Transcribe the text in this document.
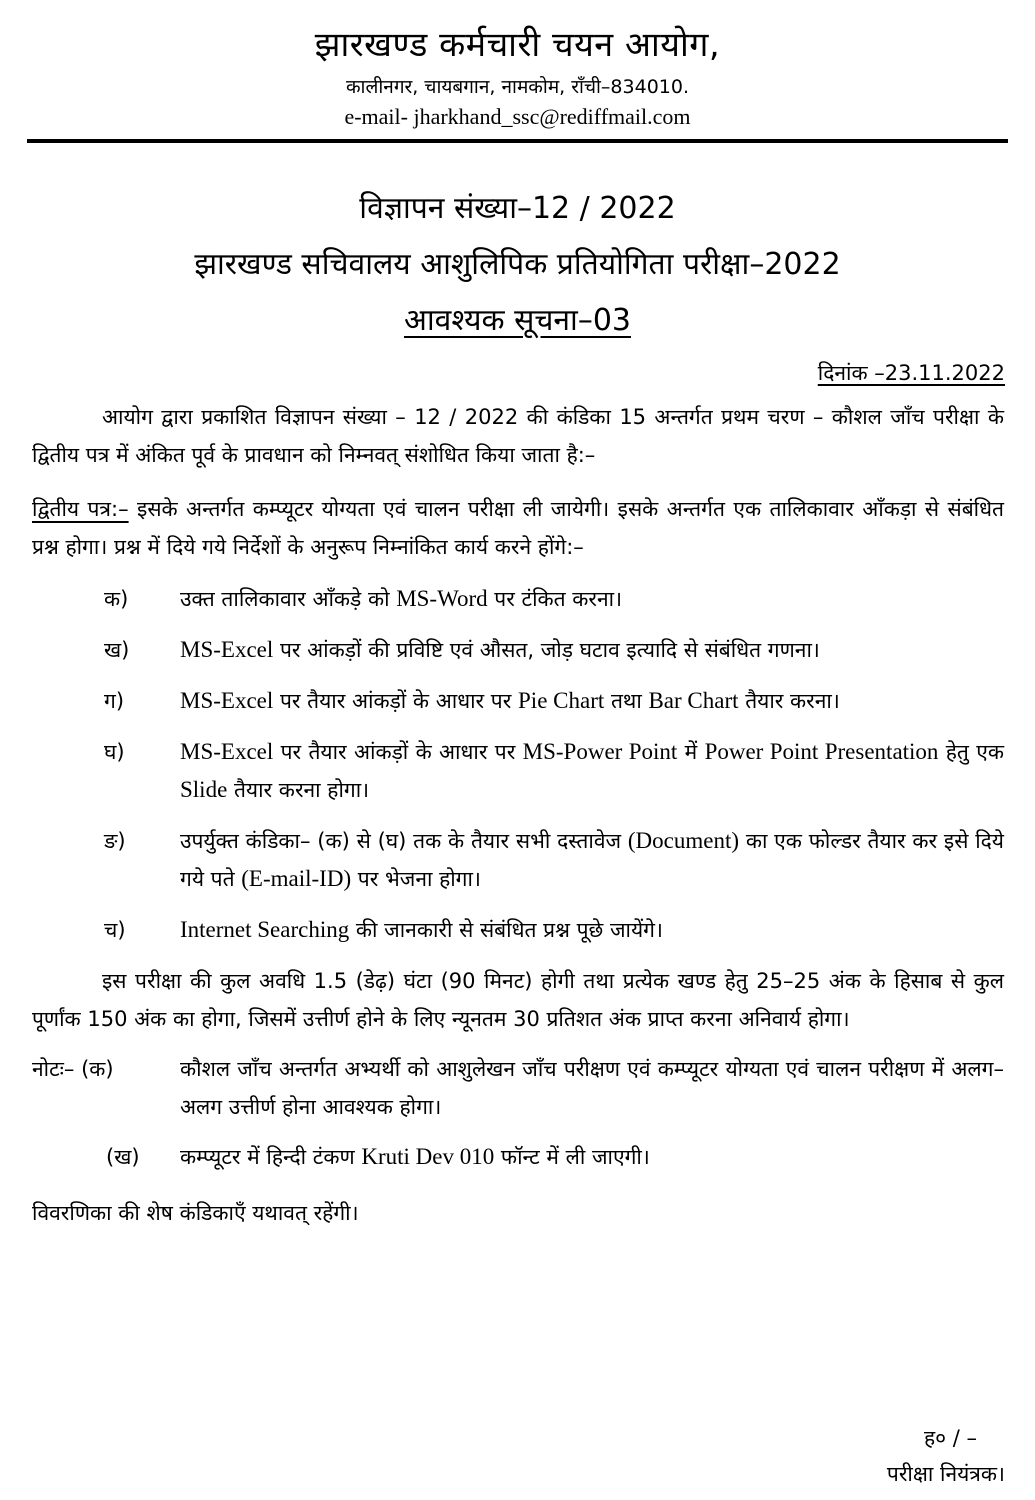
झारखण्ड कर्मचारी चयन आयोग,
कालीनगर, चायबगान, नामकोम, राँची–834010.
e-mail- jharkhand_ssc@rediffmail.com
विज्ञापन संख्या–12 / 2022
झारखण्ड सचिवालय आशुलिपिक प्रतियोगिता परीक्षा–2022
आवश्यक सूचना–03
दिनांक –23.11.2022

आयोग द्वारा प्रकाशित विज्ञापन संख्या – 12 / 2022 की कंडिका 15 अन्तर्गत प्रथम चरण – कौशल जाँच परीक्षा के द्वितीय पत्र में अंकित पूर्व के प्रावधान को निम्नवत् संशोधित किया जाता है:–

द्वितीय पत्र:– इसके अन्तर्गत कम्प्यूटर योग्यता एवं चालन परीक्षा ली जायेगी। इसके अन्तर्गत एक तालिकावार आँकड़ा से संबंधित प्रश्न होगा। प्रश्न में दिये गये निर्देशों के अनुरूप निम्नांकित कार्य करने होंगे:–

क)	उक्त तालिकावार आँकड़े को MS-Word पर टंकित करना।
ख)	MS-Excel पर आंकड़ों की प्रविष्टि एवं औसत, जोड़ घटाव इत्यादि से संबंधित गणना।
ग)	MS-Excel पर तैयार आंकड़ों के आधार पर Pie Chart तथा Bar Chart तैयार करना।
घ)	MS-Excel पर तैयार आंकड़ों के आधार पर MS-Power Point में Power Point Presentation हेतु एक Slide तैयार करना होगा।
ङ)	उपर्युक्त कंडिका– (क) से (घ) तक के तैयार सभी दस्तावेज (Document) का एक फोल्डर तैयार कर इसे दिये गये पते (E-mail-ID) पर भेजना होगा।
च)	Internet Searching की जानकारी से संबंधित प्रश्न पूछे जायेंगे।

इस परीक्षा की कुल अवधि 1.5 (डेढ़) घंटा (90 मिनट) होगी तथा प्रत्येक खण्ड हेतु 25–25 अंक के हिसाब से कुल पूर्णांक 150 अंक का होगा, जिसमें उत्तीर्ण होने के लिए न्यूनतम 30 प्रतिशत अंक प्राप्त करना अनिवार्य होगा।

नोटः– (क)	कौशल जाँच अन्तर्गत अभ्यर्थी को आशुलेखन जाँच परीक्षण एवं कम्प्यूटर योग्यता एवं चालन परीक्षण में अलग–अलग उत्तीर्ण होना आवश्यक होगा।
(ख)	कम्प्यूटर में हिन्दी टंकण Kruti Dev 010 फॉन्ट में ली जाएगी।

विवरणिका की शेष कंडिकाएँ यथावत् रहेंगी।

ह० / –
परीक्षा नियंत्रक।
